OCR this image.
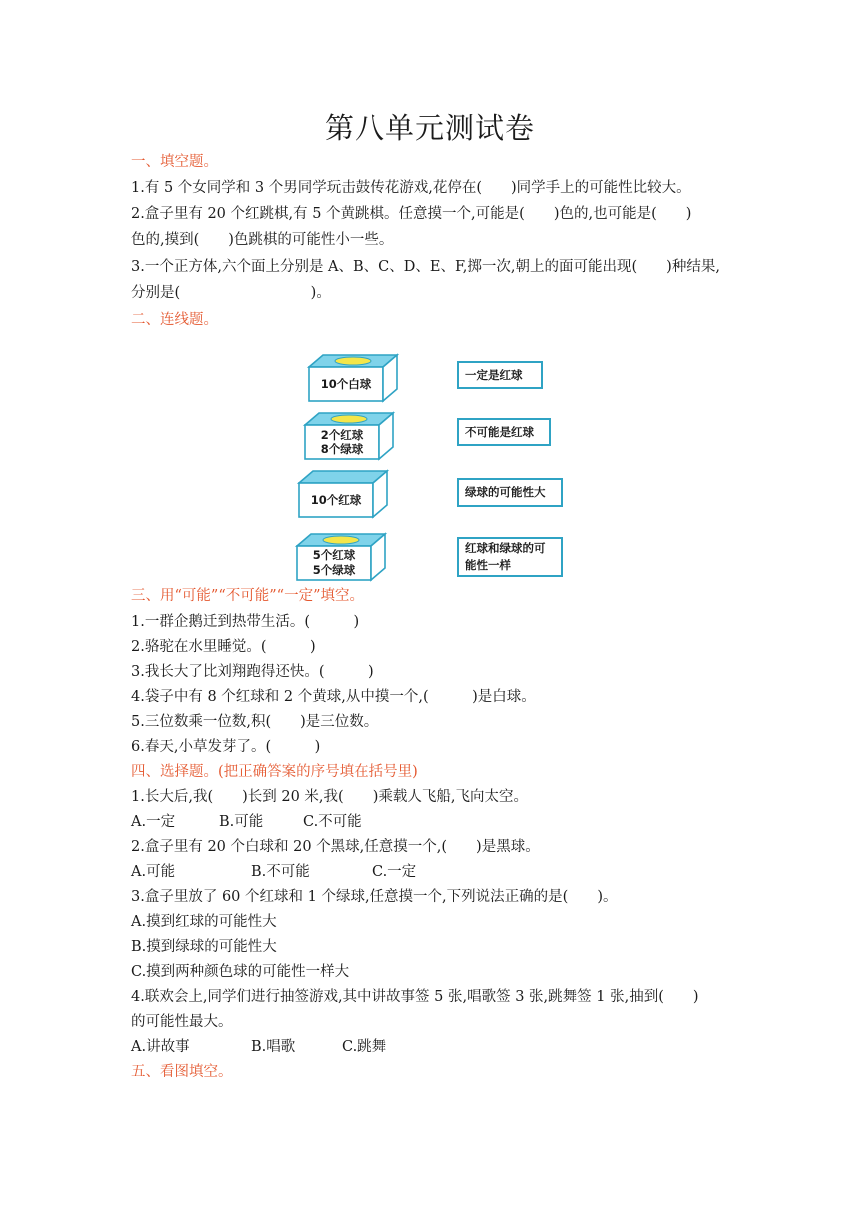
第八单元测试卷
一、填空题。
1.有 5 个女同学和 3 个男同学玩击鼓传花游戏,花停在(　　)同学手上的可能性比较大。
2.盒子里有 20 个红跳棋,有 5 个黄跳棋。任意摸一个,可能是(　　)色的,也可能是(　　)
色的,摸到(　　)色跳棋的可能性小一些。
3.一个正方体,六个面上分别是 A、B、C、D、E、F,掷一次,朝上的面可能出现(　　)种结果,
分别是(　　　　　　　　　)。
二、连线题。
10个白球
2个红球
8个绿球
10个红球
5个红球
5个绿球
一定是红球
不可能是红球
绿球的可能性大
红球和绿球的可
能性一样
三、用“可能”“不可能”“一定”填空。
1.一群企鹅迁到热带生活。(　　　)
2.骆驼在水里睡觉。(　　　)
3.我长大了比刘翔跑得还快。(　　　)
4.袋子中有 8 个红球和 2 个黄球,从中摸一个,(　　　)是白球。
5.三位数乘一位数,积(　　)是三位数。
6.春天,小草发芽了。(　　　)
四、选择题。(把正确答案的序号填在括号里)
1.长大后,我(　　)长到 20 米,我(　　)乘载人飞船,飞向太空。
A.一定	B.可能	C.不可能
2.盒子里有 20 个白球和 20 个黑球,任意摸一个,(　　)是黑球。
A.可能	B.不可能	C.一定
3.盒子里放了 60 个红球和 1 个绿球,任意摸一个,下列说法正确的是(　　)。
A.摸到红球的可能性大
B.摸到绿球的可能性大
C.摸到两种颜色球的可能性一样大
4.联欢会上,同学们进行抽签游戏,其中讲故事签 5 张,唱歌签 3 张,跳舞签 1 张,抽到(　　)
的可能性最大。
A.讲故事	B.唱歌	C.跳舞
五、看图填空。
